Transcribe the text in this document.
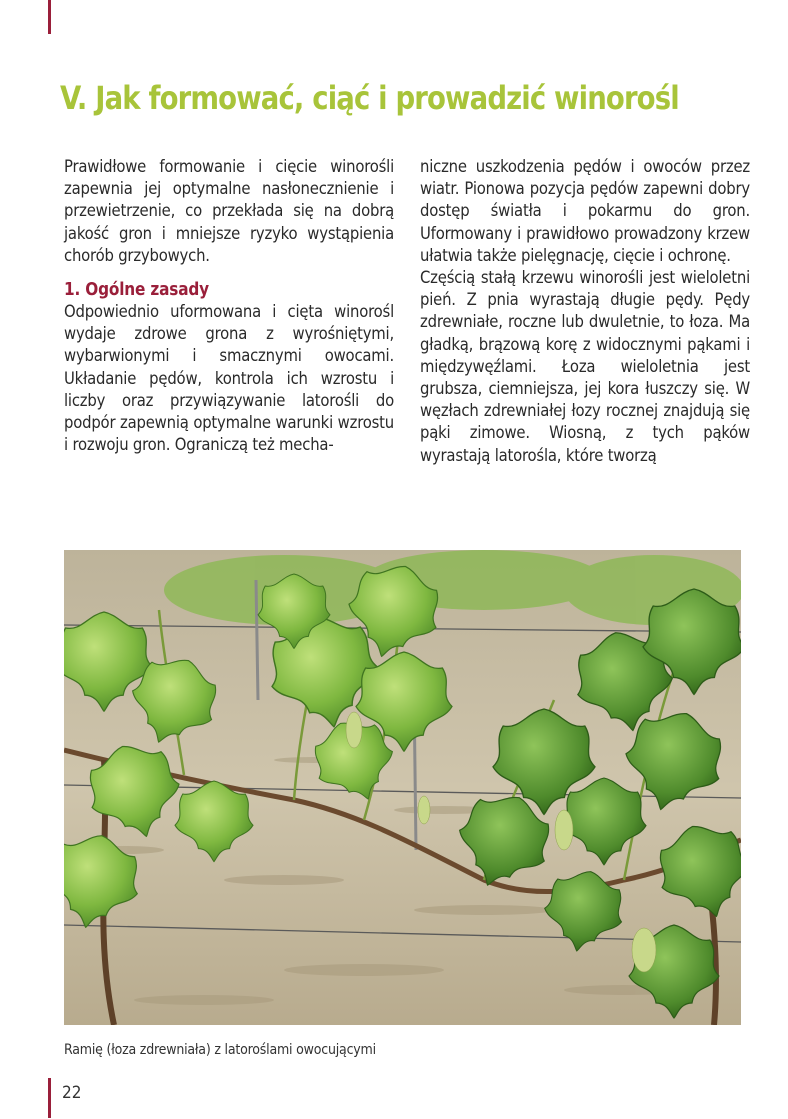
V. Jak formować, ciąć i prowadzić winorośl

Prawidłowe formowanie i cięcie winorośli zapewnia jej optymalne nasłonecznienie i przewietrzenie, co przekłada się na dobrą jakość gron i mniejsze ryzyko wystąpienia chorób grzybowych.

1. Ogólne zasady

Odpowiednio uformowana i cięta winorośl wydaje zdrowe grona z wyrośniętymi, wybarwionymi i smacznymi owocami. Układanie pędów, kontrola ich wzrostu i liczby oraz przywiązywanie latorośli do podpór zapewnią optymalne warunki wzrostu i rozwoju gron. Ograniczą też mecha-

niczne uszkodzenia pędów i owoców przez wiatr. Pionowa pozycja pędów zapewni dobry dostęp światła i pokarmu do gron. Uformowany i prawidłowo prowadzony krzew ułatwia także pielęgnację, cięcie i ochronę.

Częścią stałą krzewu winorośli jest wieloletni pień. Z pnia wyrastają długie pędy. Pędy zdrewniałe, roczne lub dwuletnie, to łoza. Ma gładką, brązową korę z widocznymi pąkami i międzywęźlami. Łoza wieloletnia jest grubsza, ciemniejsza, jej kora łuszczy się. W węzłach zdrewniałej łozy rocznej znajdują się pąki zimowe. Wiosną, z tych pąków wyrastają latorośla, które tworzą

Ramię (łoza zdrewniała) z latoroślami owocującymi
22
